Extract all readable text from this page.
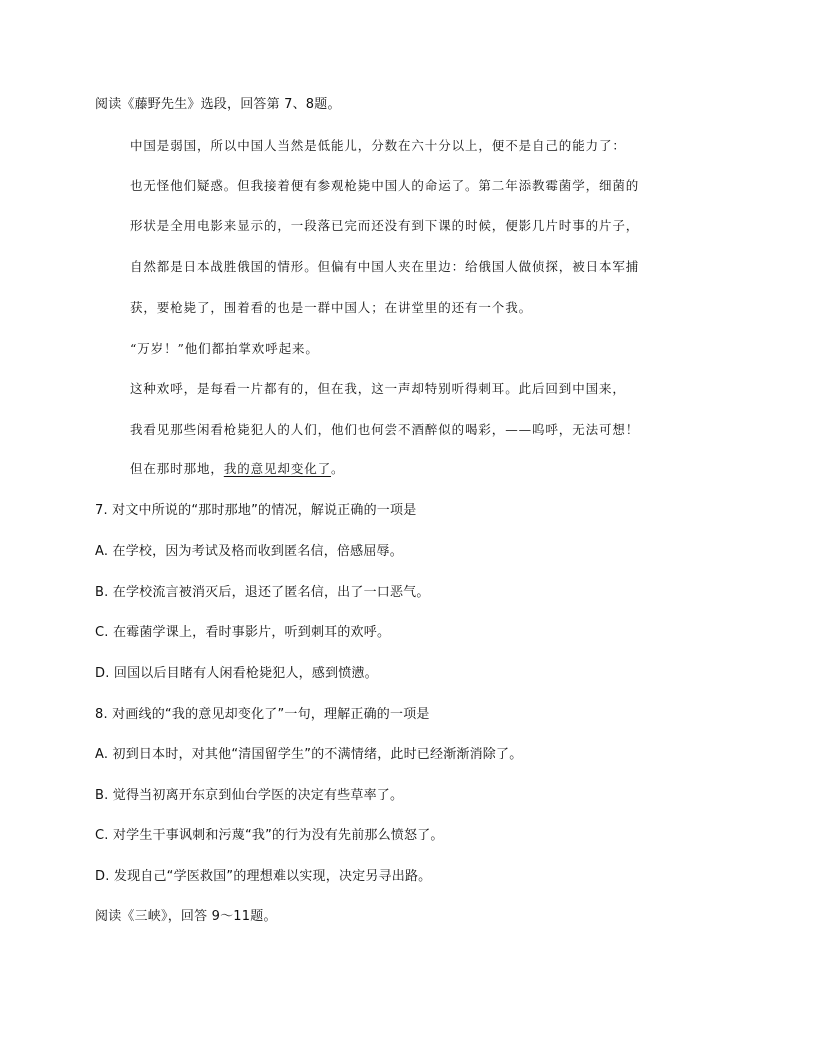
阅读《藤野先生》选段，回答第 7、8题。
中国是弱国，所以中国人当然是低能儿，分数在六十分以上，便不是自己的能力了：
也无怪他们疑惑。但我接着便有参观枪毙中国人的命运了。第二年添教霉菌学，细菌的
形状是全用电影来显示的，一段落已完而还没有到下课的时候，便影几片时事的片子，
自然都是日本战胜俄国的情形。但偏有中国人夹在里边：给俄国人做侦探，被日本军捕
获，要枪毙了，围着看的也是一群中国人；在讲堂里的还有一个我。
“万岁！”他们都拍掌欢呼起来。
这种欢呼，是每看一片都有的，但在我，这一声却特别听得刺耳。此后回到中国来，
我看见那些闲看枪毙犯人的人们，他们也何尝不酒醉似的喝彩，——呜呼，无法可想！
但在那时那地，我的意见却变化了。
7. 对文中所说的“那时那地”的情况，解说正确的一项是
A. 在学校，因为考试及格而收到匿名信，倍感屈辱。
B. 在学校流言被消灭后，退还了匿名信，出了一口恶气。
C. 在霉菌学课上，看时事影片，听到刺耳的欢呼。
D. 回国以后目睹有人闲看枪毙犯人，感到愤懑。
8. 对画线的“我的意见却变化了”一句，理解正确的一项是
A. 初到日本时，对其他“清国留学生”的不满情绪，此时已经渐渐消除了。
B. 觉得当初离开东京到仙台学医的决定有些草率了。
C. 对学生干事讽刺和污蔑“我”的行为没有先前那么愤怒了。
D. 发现自己“学医救国”的理想难以实现，决定另寻出路。
阅读《三峡》，回答 9～11题。
